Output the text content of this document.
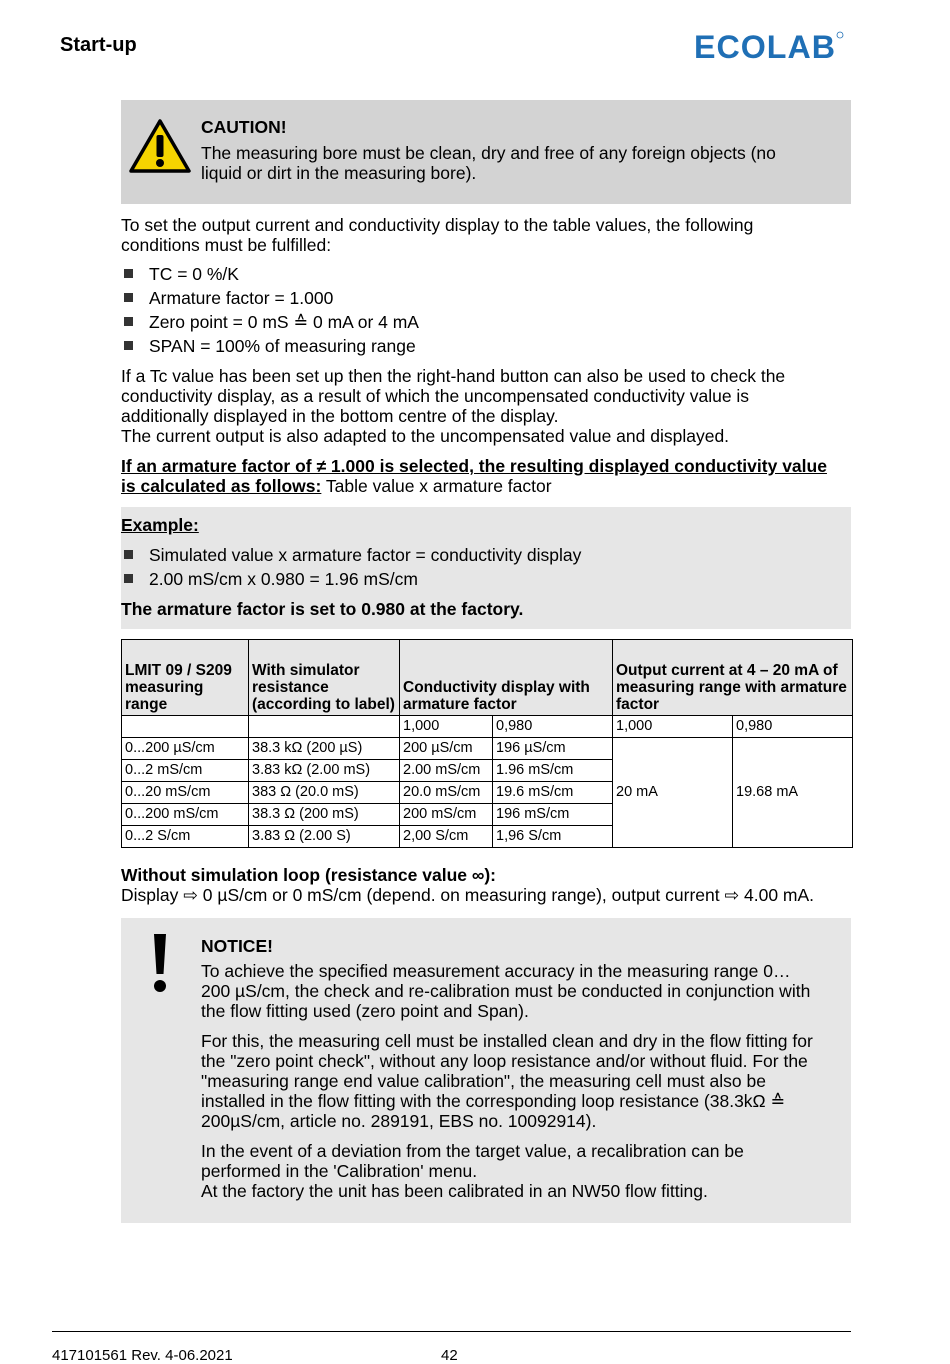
Start-up	ECOLAB
CAUTION!
The measuring bore must be clean, dry and free of any foreign objects (no liquid or dirt in the measuring bore).
To set the output current and conductivity display to the table values, the following conditions must be fulfilled:
TC = 0 %/K
Armature factor = 1.000
Zero point = 0 mS ≙ 0 mA or 4 mA
SPAN = 100% of measuring range
If a Tc value has been set up then the right-hand button can also be used to check the conductivity display, as a result of which the uncompensated conductivity value is additionally displayed in the bottom centre of the display.
The current output is also adapted to the uncompensated value and displayed.
If an armature factor of ≠ 1.000 is selected, the resulting displayed conductivity value is calculated as follows: Table value x armature factor
Example:
Simulated value x armature factor = conductivity display
2.00 mS/cm x 0.980 = 1.96 mS/cm
The armature factor is set to 0.980 at the factory.
LMIT 09 / S209 measuring range	With simulator resistance (according to label)	Conductivity display with armature factor		Output current at 4 – 20 mA of measuring range with armature factor	
		1,000	0,980	1,000	0,980
0...200 µS/cm	38.3 kΩ (200 µS)	200 µS/cm	196 µS/cm	20 mA	19.68 mA
0...2 mS/cm	3.83 kΩ (2.00 mS)	2.00 mS/cm	1.96 mS/cm		
0...20 mS/cm	383 Ω (20.0 mS)	20.0 mS/cm	19.6 mS/cm		
0...200 mS/cm	38.3 Ω (200 mS)	200 mS/cm	196 mS/cm		
0...2 S/cm	3.83 Ω (2.00 S)	2,00 S/cm	1,96 S/cm		
Without simulation loop (resistance value ∞):
Display ⇨ 0 µS/cm or 0 mS/cm (depend. on measuring range), output current ⇨ 4.00 mA.
NOTICE!
To achieve the specified measurement accuracy in the measuring range 0…200 µS/cm, the check and re-calibration must be conducted in conjunction with the flow fitting used (zero point and Span).
For this, the measuring cell must be installed clean and dry in the flow fitting for the "zero point check", without any loop resistance and/or without fluid. For the "measuring range end value calibration", the measuring cell must also be installed in the flow fitting with the corresponding loop resistance (38.3kΩ ≙ 200µS/cm, article no. 289191, EBS no. 10092914).
In the event of a deviation from the target value, a recalibration can be performed in the 'Calibration' menu.
At the factory the unit has been calibrated in an NW50 flow fitting.
417101561 Rev. 4-06.2021	42
